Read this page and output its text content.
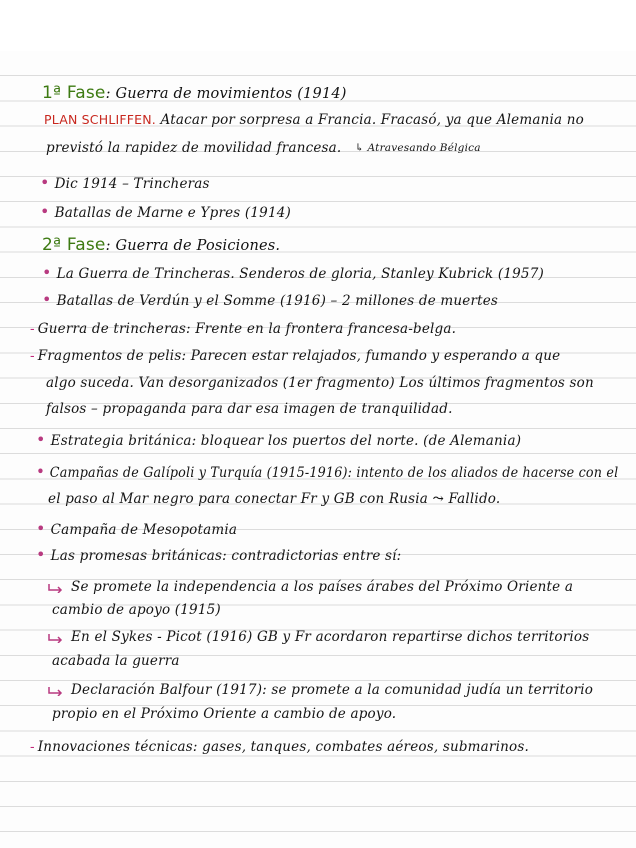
1ª Fase: Guerra de movimientos (1914)
PLAN SCHLIFFEN. Atacar por sorpresa a Francia. Fracasó, ya que Alemania no
previstó la rapidez de movilidad francesa. ↳ Atravesando Bélgica
• Dic 1914 – Trincheras
• Batallas de Marne e Ypres (1914)
2ª Fase: Guerra de Posiciones.
• La Guerra de Trincheras. Senderos de gloria, Stanley Kubrick (1957)
• Batallas de Verdún y el Somme (1916) – 2 millones de muertes
- Guerra de trincheras: Frente en la frontera francesa-belga.
- Fragmentos de pelis: Parecen estar relajados, fumando y esperando a que
algo suceda. Van desorganizados (1er fragmento) Los últimos fragmentos son
falsos – propaganda para dar esa imagen de tranquilidad.
• Estrategia británica: bloquear los puertos del norte. (de Alemania)
• Campañas de Galípoli y Turquía (1915-1916): intento de los aliados de hacerse con el
el paso al Mar negro para conectar Fr y GB con Rusia ⤳ Fallido.
• Campaña de Mesopotamia
• Las promesas británicas: contradictorias entre sí:
Se promete la independencia a los países árabes del Próximo Oriente a
cambio de apoyo (1915)
En el Sykes - Picot (1916) GB y Fr acordaron repartirse dichos territorios
acabada la guerra
Declaración Balfour (1917): se promete a la comunidad judía un territorio
propio en el Próximo Oriente a cambio de apoyo.
- Innovaciones técnicas: gases, tanques, combates aéreos, submarinos.
